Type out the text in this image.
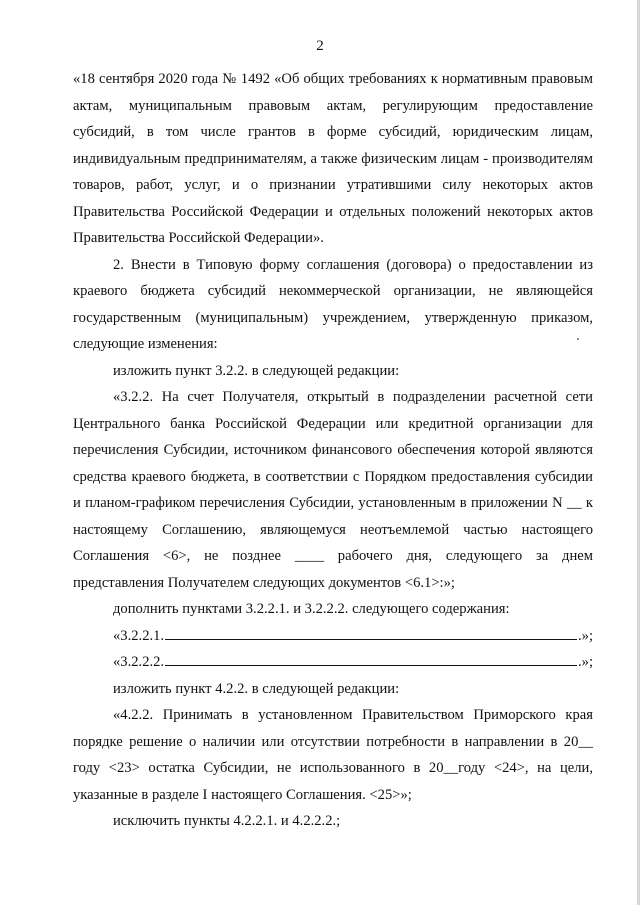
2

«18 сентября 2020 года № 1492 «Об общих требованиях к нормативным правовым актам, муниципальным правовым актам, регулирующим предоставление субсидий, в том числе грантов в форме субсидий, юридическим лицам, индивидуальным предпринимателям, а также физическим лицам - производителям товаров, работ, услуг, и о признании утратившими силу некоторых актов Правительства Российской Федерации и отдельных положений некоторых актов Правительства Российской Федерации».

2. Внести в Типовую форму соглашения (договора) о предоставлении из краевого бюджета субсидий некоммерческой организации, не являющейся государственным (муниципальным) учреждением, утвержденную приказом, следующие изменения:

изложить пункт 3.2.2. в следующей редакции:

«3.2.2. На счет Получателя, открытый в подразделении расчетной сети Центрального банка Российской Федерации или кредитной организации для перечисления Субсидии, источником финансового обеспечения которой являются средства краевого бюджета, в соответствии с Порядком предоставления субсидии и планом-графиком перечисления Субсидии, установленным в приложении N __ к настоящему Соглашению, являющемуся неотъемлемой частью настоящего Соглашения <6>, не позднее ____ рабочего дня, следующего за днем представления Получателем следующих документов <6.1>:»;

дополнить пунктами 3.2.2.1. и 3.2.2.2. следующего содержания:

«3.2.2.1.	.»;
«3.2.2.2.	.»;

изложить пункт 4.2.2. в следующей редакции:

«4.2.2. Принимать в установленном Правительством Приморского края порядке решение о наличии или отсутствии потребности в направлении в 20__ году <23> остатка Субсидии, не использованного в 20__году <24>, на цели, указанные в разделе I настоящего Соглашения. <25>»;

исключить пункты 4.2.2.1. и 4.2.2.2.;
